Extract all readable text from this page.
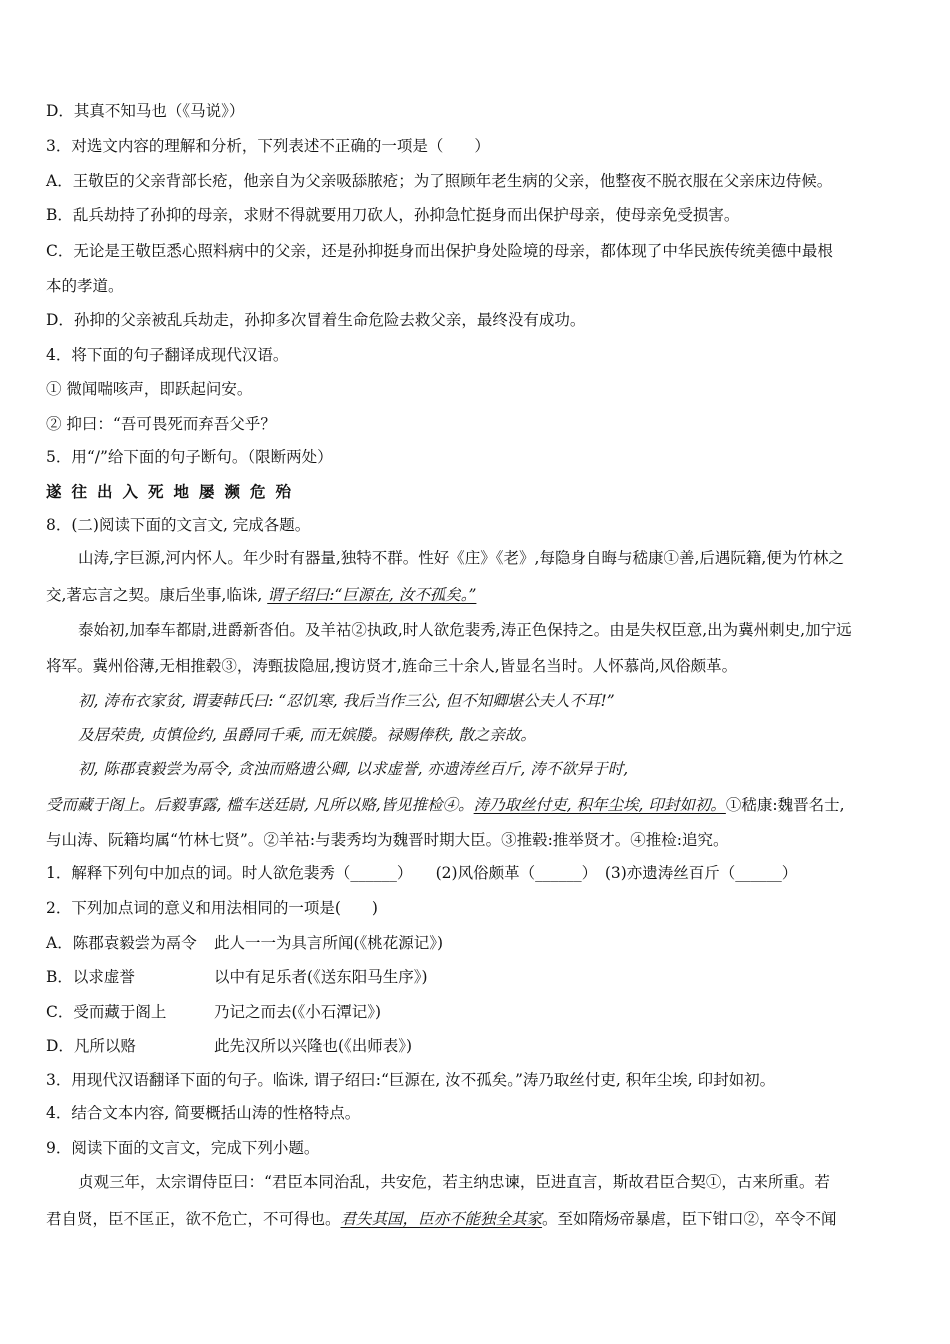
D．其真不知马也（《马说》）
3．对选文内容的理解和分析，下列表述不正确的一项是（　　）
A．王敬臣的父亲背部长疮，他亲自为父亲吸舔脓疮；为了照顾年老生病的父亲，他整夜不脱衣服在父亲床边侍候。
B．乱兵劫持了孙抑的母亲，求财不得就要用刀砍人，孙抑急忙挺身而出保护母亲，使母亲免受损害。
C．无论是王敬臣悉心照料病中的父亲，还是孙抑挺身而出保护身处险境的母亲，都体现了中华民族传统美德中最根
本的孝道。
D．孙抑的父亲被乱兵劫走，孙抑多次冒着生命危险去救父亲，最终没有成功。
4．将下面的句子翻译成现代汉语。
① 微闻喘咳声，即跃起问安。
② 抑曰：“吾可畏死而弃吾父乎？
5．用“/”给下面的句子断句。（限断两处）
遂往出入死地屡濒危殆
8．(二)阅读下面的文言文, 完成各题。
山涛,字巨源,河内怀人。年少时有器量,独特不群。性好《庄》《老》,每隐身自晦与嵇康①善,后遇阮籍,便为竹林之
交,著忘言之契。康后坐事,临诛, 谓子绍曰:“巨源在, 汝不孤矣。”
泰始初,加奉车都尉,进爵新沓伯。及羊祜②执政,时人欲危裴秀,涛正色保持之。由是失权臣意,出为冀州刺史,加宁远
将军。冀州俗薄,无相推毂③，涛甄拔隐屈,搜访贤才,旌命三十余人,皆显名当时。人怀慕尚,风俗颇革。
初, 涛布衣家贫, 谓妻韩氏曰: “忍饥寒, 我后当作三公, 但不知卿堪公夫人不耳!”
及居荣贵, 贞慎俭约, 虽爵同千乘, 而无嫔媵。禄赐俸秩, 散之亲故。
初, 陈郡袁毅尝为鬲令, 贪浊而赂遗公卿, 以求虚誉, 亦遗涛丝百斤, 涛不欲异于时,
受而藏于阁上。后毅事露, 槛车送廷尉, 凡所以赂,皆见推检④。涛乃取丝付吏, 积年尘埃, 印封如初。①嵇康:魏晋名士,
与山涛、阮籍均属“竹林七贤”。②羊祜:与裴秀均为魏晋时期大臣。③推毂:推举贤才。④推检:追究。
1．解释下列句中加点的词。时人欲危裴秀（______）　　(2)风俗颇革（______）　(3)亦遗涛丝百斤（______）
2．下列加点词的意义和用法相同的一项是(　　)
A．陈郡袁毅尝为鬲令 此人一一为具言所闻(《桃花源记》)
B．以求虚誉	以中有足乐者(《送东阳马生序》)
C．受而藏于阁上	乃记之而去(《小石潭记》)
D．凡所以赂	此先汉所以兴隆也(《出师表》)
3．用现代汉语翻译下面的句子。临诛, 谓子绍曰:“巨源在, 汝不孤矣。”涛乃取丝付吏, 积年尘埃, 印封如初。
4．结合文本内容, 简要概括山涛的性格特点。
9．阅读下面的文言文，完成下列小题。
贞观三年，太宗谓侍臣曰：“君臣本同治乱，共安危，若主纳忠谏，臣进直言，斯故君臣合契①，古来所重。若
君自贤，臣不匡正，欲不危亡，不可得也。君失其国，臣亦不能独全其家。至如隋炀帝暴虐，臣下钳口②，卒令不闻
